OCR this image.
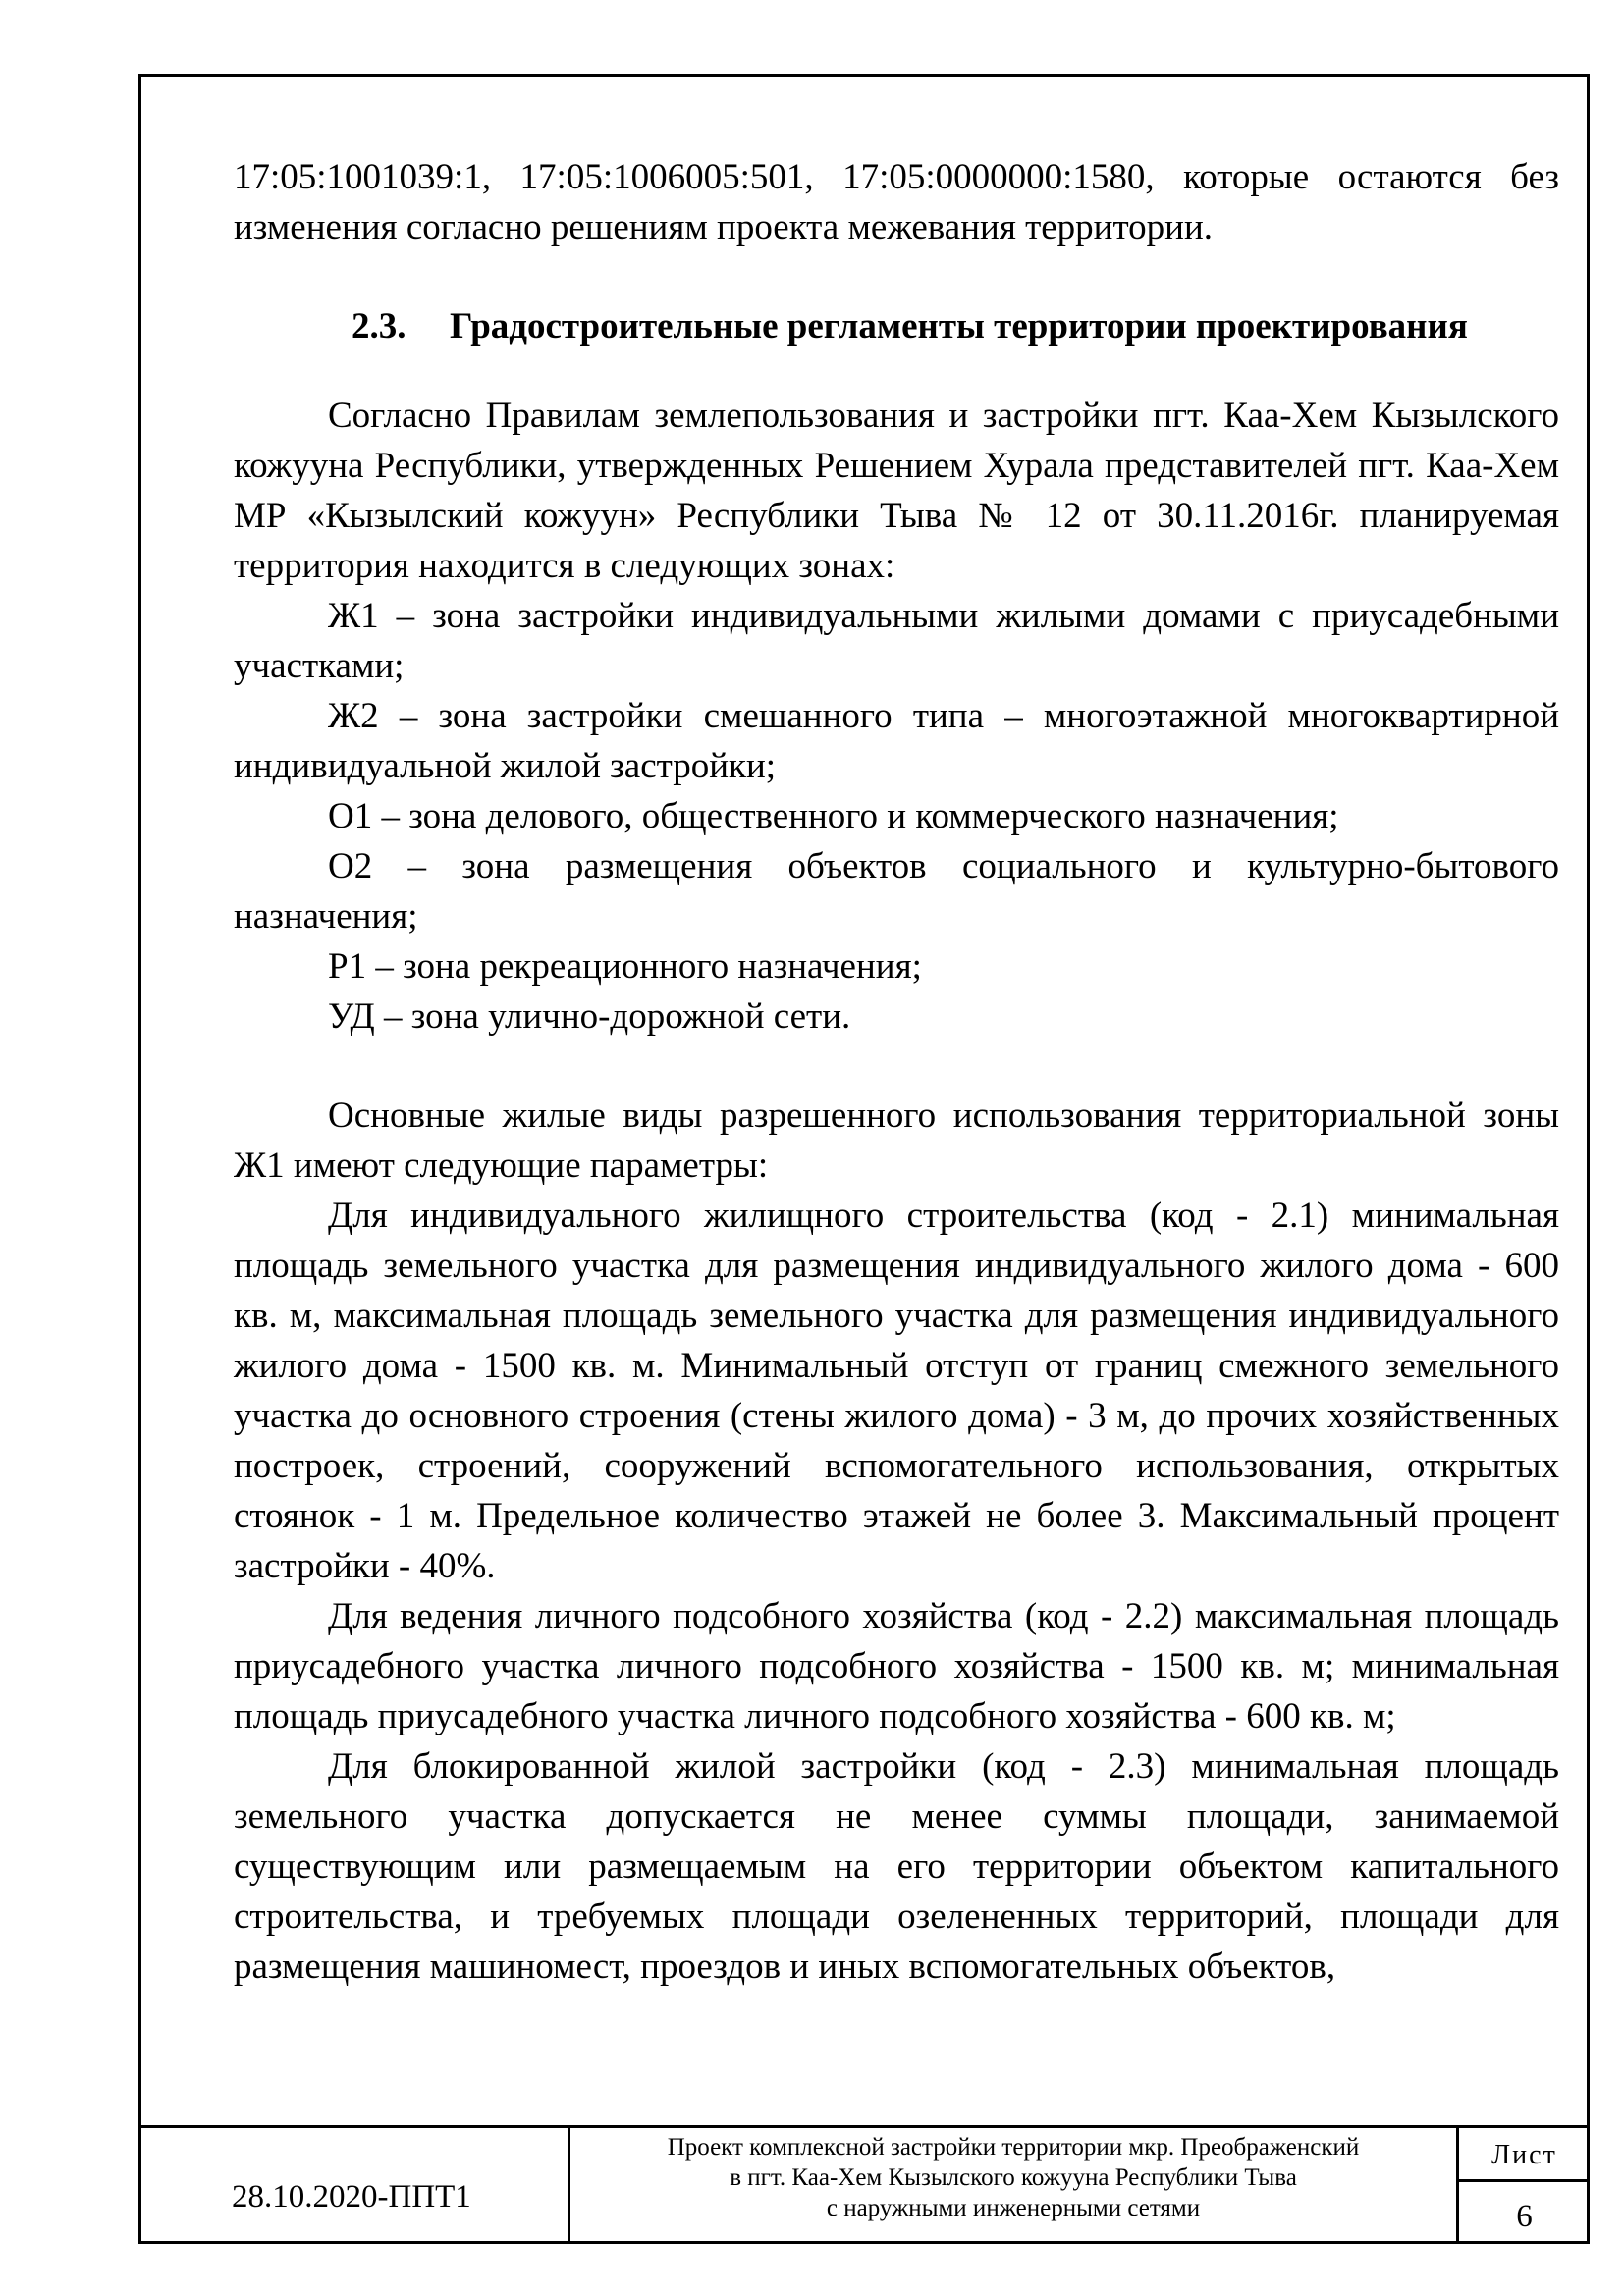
17:05:1001039:1, 17:05:1006005:501, 17:05:0000000:1580, которые остаются без изменения согласно решениям проекта межевания территории.

2.3. Градостроительные регламенты территории проектирования

Согласно Правилам землепользования и застройки пгт. Каа-Хем Кызылского кожууна Республики, утвержденных Решением Хурала представителей пгт. Каа-Хем МР «Кызылский кожуун» Республики Тыва № 12 от 30.11.2016г. планируемая территория находится в следующих зонах:

Ж1 – зона застройки индивидуальными жилыми домами с приусадебными участками;

Ж2 – зона застройки смешанного типа – многоэтажной многоквартирной индивидуальной жилой застройки;

О1 – зона делового, общественного и коммерческого назначения;

О2 – зона размещения объектов социального и культурно-бытового назначения;

Р1 – зона рекреационного назначения;

УД – зона улично-дорожной сети.

Основные жилые виды разрешенного использования территориальной зоны Ж1 имеют следующие параметры:

Для индивидуального жилищного строительства (код - 2.1) минимальная площадь земельного участка для размещения индивидуального жилого дома - 600 кв. м, максимальная площадь земельного участка для размещения индивидуального жилого дома - 1500 кв. м. Минимальный отступ от границ смежного земельного участка до основного строения (стены жилого дома) - 3 м, до прочих хозяйственных построек, строений, сооружений вспомогательного использования, открытых стоянок - 1 м. Предельное количество этажей не более 3. Максимальный процент застройки - 40%.

Для ведения личного подсобного хозяйства (код - 2.2) максимальная площадь приусадебного участка личного подсобного хозяйства - 1500 кв. м; минимальная площадь приусадебного участка личного подсобного хозяйства - 600 кв. м;

Для блокированной жилой застройки (код - 2.3) минимальная площадь земельного участка допускается не менее суммы площади, занимаемой существующим или размещаемым на его территории объектом капитального строительства, и требуемых площади озелененных территорий, площади для размещения машиномест, проездов и иных вспомогательных объектов,

28.10.2020-ППТ1
Проект комплексной застройки территории мкр. Преображенский
в пгт. Каа-Хем Кызылского кожууна Республики Тыва
с наружными инженерными сетями
Лист
6
